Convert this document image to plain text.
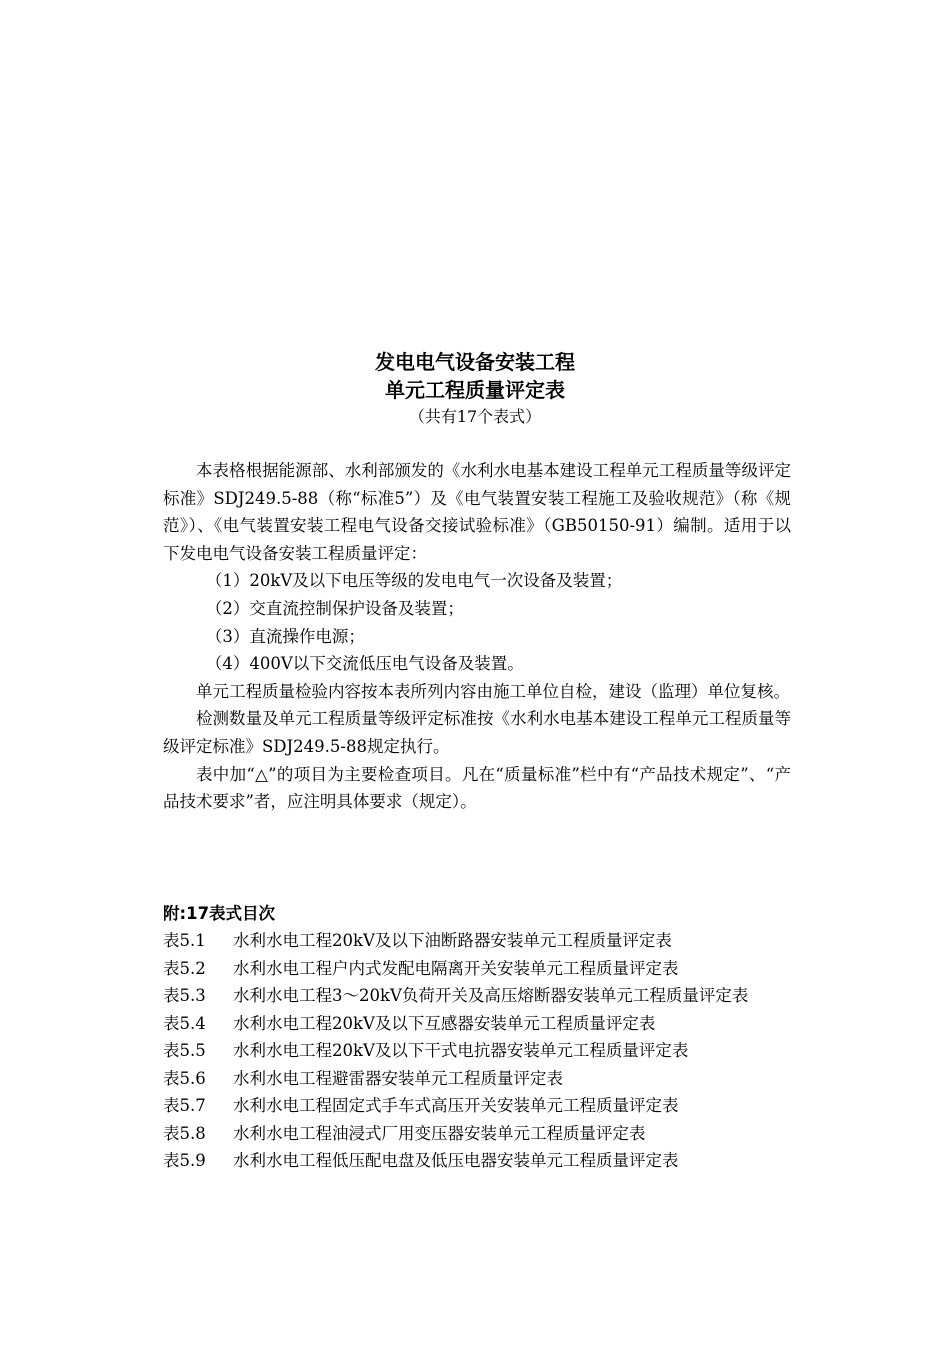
发电电气设备安装工程
单元工程质量评定表
（共有17个表式）

本表格根据能源部、水利部颁发的《水利水电基本建设工程单元工程质量等级评定标准》SDJ249.5-88（称“标准5”）及《电气装置安装工程施工及验收规范》（称《规范》）、《电气装置安装工程电气设备交接试验标准》（GB50150-91）编制。适用于以下发电电气设备安装工程质量评定：

（1）20kV及以下电压等级的发电电气一次设备及装置；

（2）交直流控制保护设备及装置；

（3）直流操作电源；

（4）400V以下交流低压电气设备及装置。

单元工程质量检验内容按本表所列内容由施工单位自检，建设（监理）单位复核。

检测数量及单元工程质量等级评定标准按《水利水电基本建设工程单元工程质量等级评定标准》SDJ249.5-88规定执行。

表中加“△”的项目为主要检查项目。凡在“质量标准”栏中有“产品技术规定”、“产品技术要求”者，应注明具体要求（规定）。

附:17表式目次
表5.1	水利水电工程20kV及以下油断路器安装单元工程质量评定表
表5.2	水利水电工程户内式发配电隔离开关安装单元工程质量评定表
表5.3	水利水电工程3～20kV负荷开关及高压熔断器安装单元工程质量评定表
表5.4	水利水电工程20kV及以下互感器安装单元工程质量评定表
表5.5	水利水电工程20kV及以下干式电抗器安装单元工程质量评定表
表5.6	水利水电工程避雷器安装单元工程质量评定表
表5.7	水利水电工程固定式手车式高压开关安装单元工程质量评定表
表5.8	水利水电工程油浸式厂用变压器安装单元工程质量评定表
表5.9	水利水电工程低压配电盘及低压电器安装单元工程质量评定表
